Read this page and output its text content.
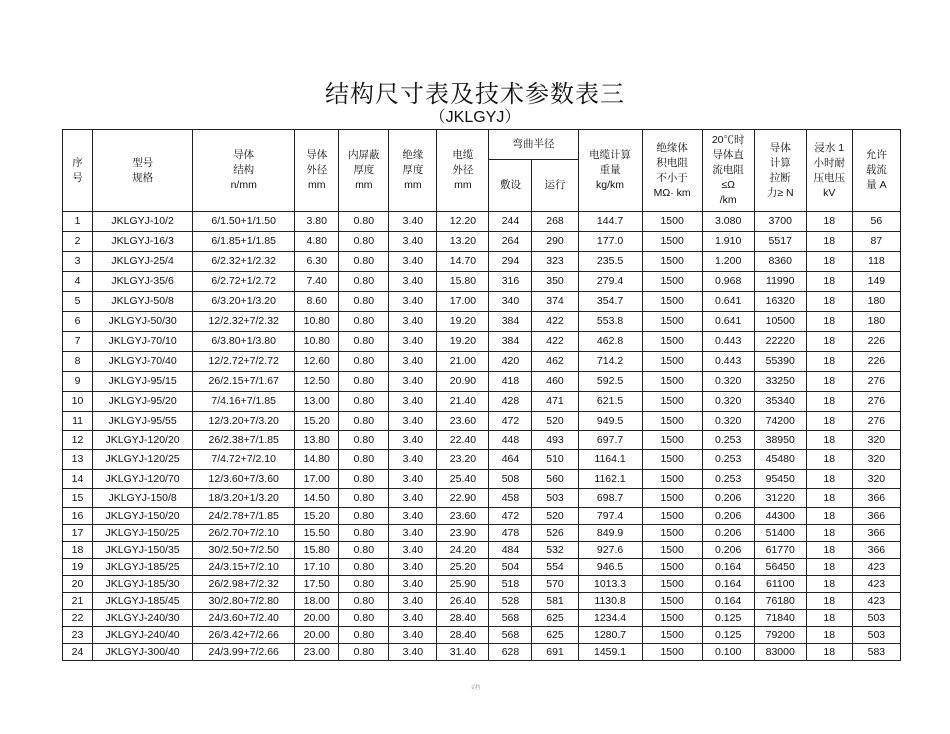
结构尺寸表及技术参数表三
（JKLGYJ）
序
号	型号
规格	导体
结构
n/mm	导体
外径
mm	内屏蔽
厚度
mm	绝缘
厚度
mm	电缆
外径
mm	弯曲半径		电缆计算
重量
kg/km	绝缘体
积电阻
不小于
MΩ· km	20℃时
导体直
流电阻
≤Ω
/km	导体
计算
拉断
力≥ N	浸水 1
小时耐
压电压
kV	允许
载流
量 A

							敷设	运行						
1	JKLGYJ-10/2	6/1.50+1/1.50	3.80	0.80	3.40	12.20	244	268	144.7	1500	3.080	3700	18	56
2	JKLGYJ-16/3	6/1.85+1/1.85	4.80	0.80	3.40	13.20	264	290	177.0	1500	1.910	5517	18	87
3	JKLGYJ-25/4	6/2.32+1/2.32	6.30	0.80	3.40	14.70	294	323	235.5	1500	1.200	8360	18	118
4	JKLGYJ-35/6	6/2.72+1/2.72	7.40	0.80	3.40	15.80	316	350	279.4	1500	0.968	11990	18	149
5	JKLGYJ-50/8	6/3.20+1/3.20	8.60	0.80	3.40	17.00	340	374	354.7	1500	0.641	16320	18	180
6	JKLGYJ-50/30	12/2.32+7/2.32	10.80	0.80	3.40	19.20	384	422	553.8	1500	0.641	10500	18	180
7	JKLGYJ-70/10	6/3.80+1/3.80	10.80	0.80	3.40	19.20	384	422	462.8	1500	0.443	22220	18	226
8	JKLGYJ-70/40	12/2.72+7/2.72	12.60	0.80	3.40	21.00	420	462	714.2	1500	0.443	55390	18	226
9	JKLGYJ-95/15	26/2.15+7/1.67	12.50	0.80	3.40	20.90	418	460	592.5	1500	0.320	33250	18	276
10	JKLGYJ-95/20	7/4.16+7/1.85	13.00	0.80	3.40	21.40	428	471	621.5	1500	0.320	35340	18	276
11	JKLGYJ-95/55	12/3.20+7/3.20	15.20	0.80	3.40	23.60	472	520	949.5	1500	0.320	74200	18	276
12	JKLGYJ-120/20	26/2.38+7/1.85	13.80	0.80	3.40	22.40	448	493	697.7	1500	0.253	38950	18	320
13	JKLGYJ-120/25	7/4.72+7/2.10	14.80	0.80	3.40	23.20	464	510	1164.1	1500	0.253	45480	18	320
14	JKLGYJ-120/70	12/3.60+7/3.60	17.00	0.80	3.40	25.40	508	560	1162.1	1500	0.253	95450	18	320
15	JKLGYJ-150/8	18/3.20+1/3.20	14.50	0.80	3.40	22.90	458	503	698.7	1500	0.206	31220	18	366
16	JKLGYJ-150/20	24/2.78+7/1.85	15.20	0.80	3.40	23.60	472	520	797.4	1500	0.206	44300	18	366
17	JKLGYJ-150/25	26/2.70+7/2.10	15.50	0.80	3.40	23.90	478	526	849.9	1500	0.206	51400	18	366
18	JKLGYJ-150/35	30/2.50+7/2.50	15.80	0.80	3.40	24.20	484	532	927.6	1500	0.206	61770	18	366
19	JKLGYJ-185/25	24/3.15+7/2.10	17.10	0.80	3.40	25.20	504	554	946.5	1500	0.164	56450	18	423
20	JKLGYJ-185/30	26/2.98+7/2.32	17.50	0.80	3.40	25.90	518	570	1013.3	1500	0.164	61100	18	423
21	JKLGYJ-185/45	30/2.80+7/2.80	18.00	0.80	3.40	26.40	528	581	1130.8	1500	0.164	76180	18	423
22	JKLGYJ-240/30	24/3.60+7/2.40	20.00	0.80	3.40	28.40	568	625	1234.4	1500	0.125	71840	18	503
23	JKLGYJ-240/40	26/3.42+7/2.66	20.00	0.80	3.40	28.40	568	625	1280.7	1500	0.125	79200	18	503
24	JKLGYJ-300/40	24/3.99+7/2.66	23.00	0.80	3.40	31.40	628	691	1459.1	1500	0.100	83000	18	583
文档
